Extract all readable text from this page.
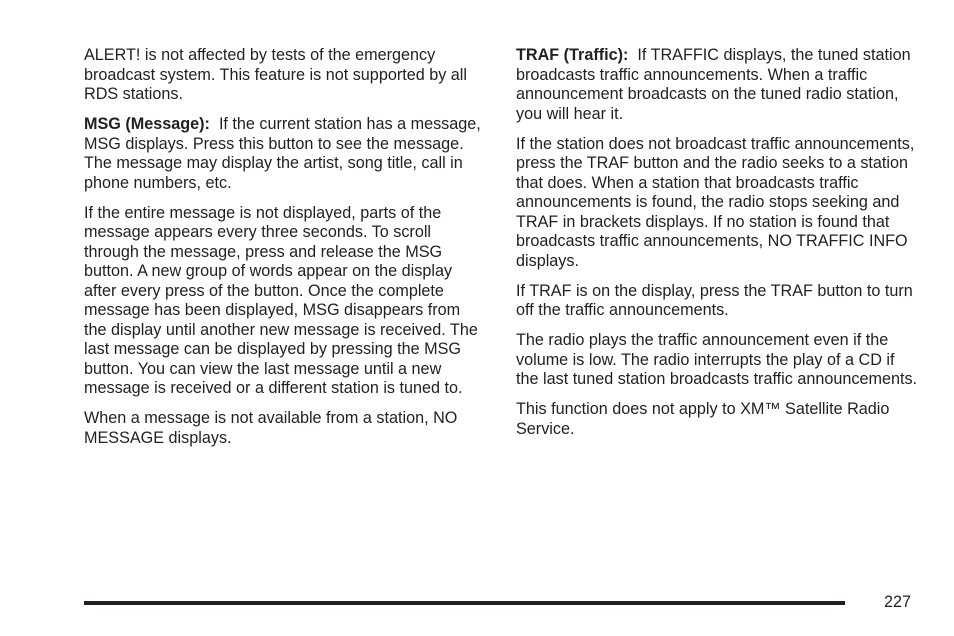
ALERT! is not affected by tests of the emergency broadcast system. This feature is not supported by all RDS stations.

MSG (Message): If the current station has a message, MSG displays. Press this button to see the message. The message may display the artist, song title, call in phone numbers, etc.

If the entire message is not displayed, parts of the message appears every three seconds. To scroll through the message, press and release the MSG button. A new group of words appear on the display after every press of the button. Once the complete message has been displayed, MSG disappears from the display until another new message is received. The last message can be displayed by pressing the MSG button. You can view the last message until a new message is received or a different station is tuned to.

When a message is not available from a station, NO MESSAGE displays.

TRAF (Traffic): If TRAFFIC displays, the tuned station broadcasts traffic announcements. When a traffic announcement broadcasts on the tuned radio station, you will hear it.

If the station does not broadcast traffic announcements, press the TRAF button and the radio seeks to a station that does. When a station that broadcasts traffic announcements is found, the radio stops seeking and TRAF in brackets displays. If no station is found that broadcasts traffic announcements, NO TRAFFIC INFO displays.

If TRAF is on the display, press the TRAF button to turn off the traffic announcements.

The radio plays the traffic announcement even if the volume is low. The radio interrupts the play of a CD if the last tuned station broadcasts traffic announcements.

This function does not apply to XM™ Satellite Radio Service.

227
